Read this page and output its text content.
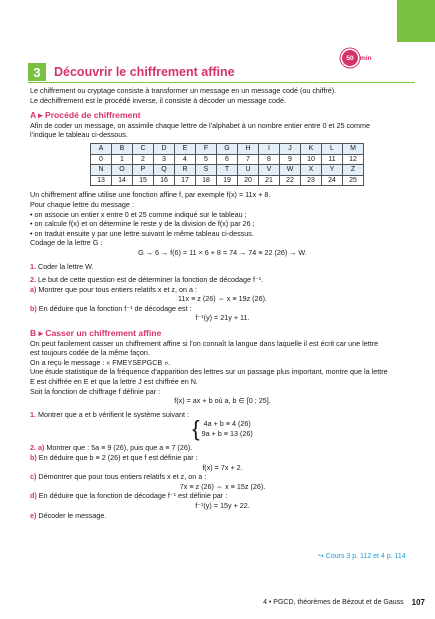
50 min
3	Découvrir le chiffrement affine

Le chiffrement ou cryptage consiste à transformer un message en un message codé (ou chiffré).

Le déchiffrement est le procédé inverse, il consiste à décoder un message codé.

A ▸ Procédé de chiffrement

Afin de coder un message, on assimile chaque lettre de l’alphabet à un nombre entier entre 0 et 25 comme

l’indique le tableau ci-dessous.

A	B	C	D	E	F	G	H	I	J	K	L	M
0	1	2	3	4	5	6	7	8	9	10	11	12
N	O	P	Q	R	S	T	U	V	W	X	Y	Z
13	14	15	16	17	18	19	20	21	22	23	24	25

Un chiffrement affine utilise une fonction affine f, par exemple f(x) = 11x + 8.

Pour chaque lettre du message :

• on associe un entier x entre 0 et 25 comme indiqué sur le tableau ;

• on calcule f(x) et on détermine le reste y de la division de f(x) par 26 ;

• on traduit ensuite y par une lettre suivant le même tableau ci-dessus.

Codage de la lettre G :

G → 6 → f(6) = 11 × 6 + 8 = 74 → 74 ≡ 22 (26) → W.

1. Coder la lettre W.

2. Le but de cette question est de déterminer la fonction de décodage f⁻¹.

a) Montrer que pour tous entiers relatifs x et z, on a :

11x ≡ z (26) ⇔ x ≡ 19z (26).

b) En déduire que la fonction f⁻¹ de décodage est :

f⁻¹(y) = 21y + 11.

B ▸ Casser un chiffrement affine

On peut facilement casser un chiffrement affine si l’on connaît la langue dans laquelle il est écrit car une lettre

est toujours codée de la même façon.

On a reçu le message : « FMEYSEPGCB ».

Une étude statistique de la fréquence d’apparition des lettres sur un passage plus important, montre que la lettre

E est chiffrée en E et que la lettre J est chiffrée en N.

Soit la fonction de chiffrage f définie par :

f(x) = ax + b où a, b ∈ [0 ; 25].

1. Montrer que a et b vérifient le système suivant :

{ 4a + b ≡ 4 (26)
9a + b ≡ 13 (26)

2. a) Montrer que : 5a ≡ 9 (26), puis que a ≡ 7 (26).

b) En déduire que b ≡ 2 (26) et que f est définie par :

f(x) = 7x + 2.

c) Démontrer que pour tous entiers relatifs x et z, on a :

7x ≡ z (26) ⇔ x ≡ 15z (26).

d) En déduire que la fonction de décodage f⁻¹ est définie par :

f⁻¹(y) = 15y + 22.

e) Décoder le message.

↪ Cours 3 p. 112 et 4 p. 114
4 • PGCD, théorèmes de Bézout et de Gauss 107
